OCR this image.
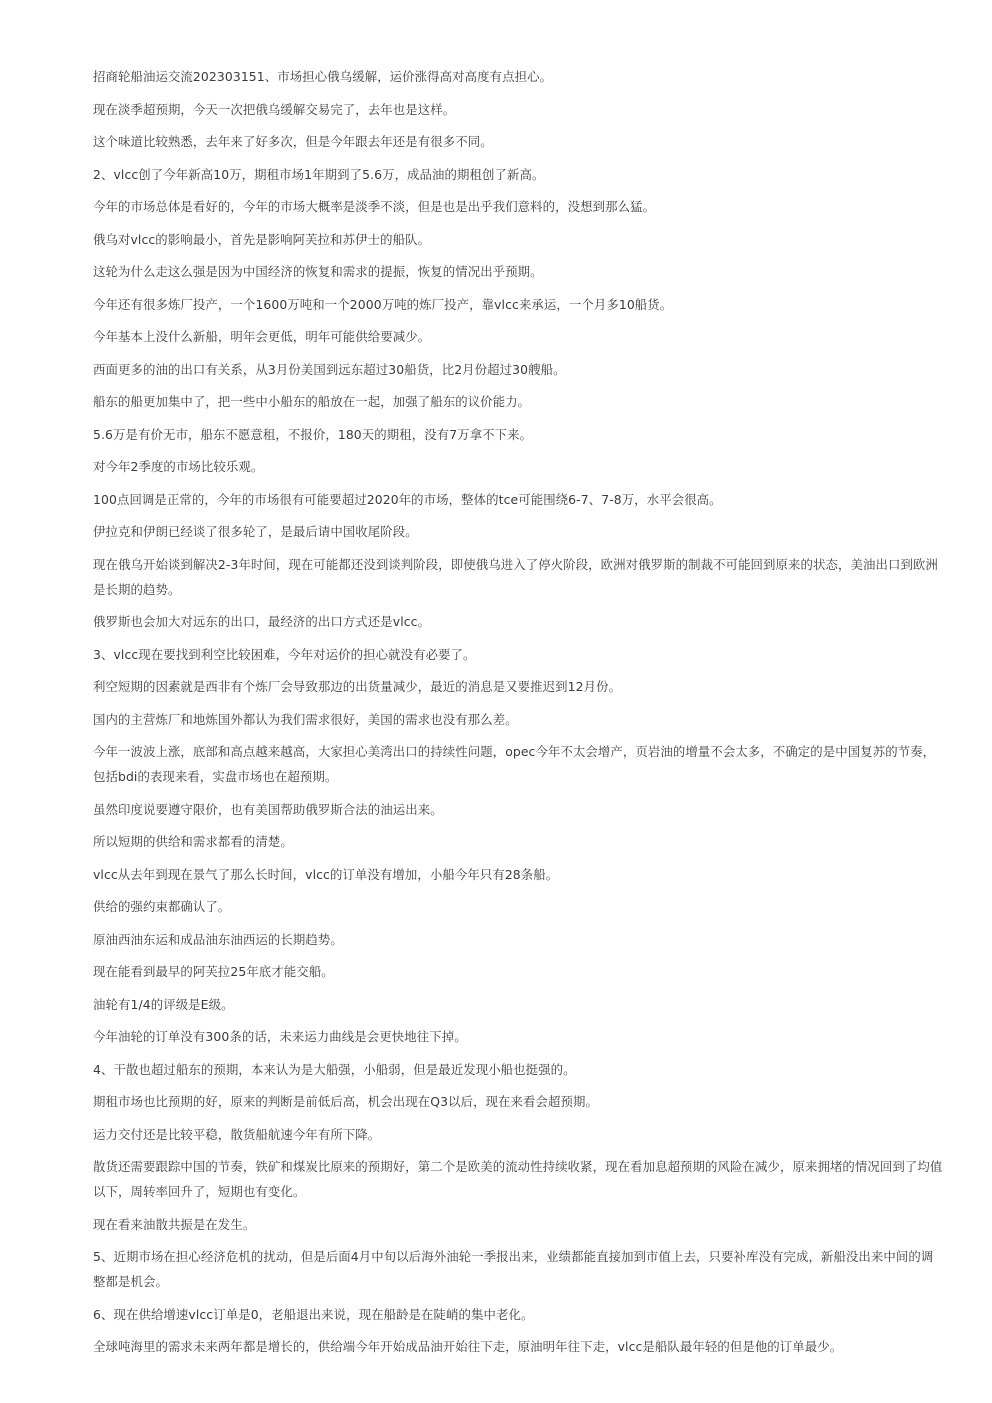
招商轮船油运交流202303151、市场担心俄乌缓解，运价涨得高对高度有点担心。

现在淡季超预期，今天一次把俄乌缓解交易完了，去年也是这样。

这个味道比较熟悉，去年来了好多次，但是今年跟去年还是有很多不同。

2、vlcc创了今年新高10万，期租市场1年期到了5.6万，成品油的期租创了新高。

今年的市场总体是看好的，今年的市场大概率是淡季不淡，但是也是出乎我们意料的，没想到那么猛。

俄乌对vlcc的影响最小，首先是影响阿芙拉和苏伊士的船队。

这轮为什么走这么强是因为中国经济的恢复和需求的提振，恢复的情况出乎预期。

今年还有很多炼厂投产，一个1600万吨和一个2000万吨的炼厂投产，靠vlcc来承运，一个月多10船货。

今年基本上没什么新船，明年会更低，明年可能供给要减少。

西面更多的油的出口有关系，从3月份美国到远东超过30船货，比2月份超过30艘船。

船东的船更加集中了，把一些中小船东的船放在一起，加强了船东的议价能力。

5.6万是有价无市，船东不愿意租，不报价，180天的期租，没有7万拿不下来。

对今年2季度的市场比较乐观。

100点回调是正常的，今年的市场很有可能要超过2020年的市场，整体的tce可能围绕6-7、7-8万，水平会很高。

伊拉克和伊朗已经谈了很多轮了，是最后请中国收尾阶段。

现在俄乌开始谈到解决2-3年时间，现在可能都还没到谈判阶段，即使俄乌进入了停火阶段，欧洲对俄罗斯的制裁不可能回到原来的状态，美油出口到欧洲是长期的趋势。

俄罗斯也会加大对远东的出口，最经济的出口方式还是vlcc。

3、vlcc现在要找到利空比较困难，今年对运价的担心就没有必要了。

利空短期的因素就是西非有个炼厂会导致那边的出货量减少，最近的消息是又要推迟到12月份。

国内的主营炼厂和地炼国外都认为我们需求很好，美国的需求也没有那么差。

今年一波波上涨，底部和高点越来越高，大家担心美湾出口的持续性问题，opec今年不太会增产，页岩油的增量不会太多，不确定的是中国复苏的节奏，包括bdi的表现来看，实盘市场也在超预期。

虽然印度说要遵守限价，也有美国帮助俄罗斯合法的油运出来。

所以短期的供给和需求都看的清楚。

vlcc从去年到现在景气了那么长时间，vlcc的订单没有增加，小船今年只有28条船。

供给的强约束都确认了。

原油西油东运和成品油东油西运的长期趋势。

现在能看到最早的阿芙拉25年底才能交船。

油轮有1/4的评级是E级。

今年油轮的订单没有300条的话，未来运力曲线是会更快地往下掉。

4、干散也超过船东的预期，本来认为是大船强，小船弱，但是最近发现小船也挺强的。

期租市场也比预期的好，原来的判断是前低后高，机会出现在Q3以后，现在来看会超预期。

运力交付还是比较平稳，散货船航速今年有所下降。

散货还需要跟踪中国的节奏，铁矿和煤炭比原来的预期好，第二个是欧美的流动性持续收紧，现在看加息超预期的风险在减少，原来拥堵的情况回到了均值以下，周转率回升了，短期也有变化。

现在看来油散共振是在发生。

5、近期市场在担心经济危机的扰动，但是后面4月中旬以后海外油轮一季报出来，业绩都能直接加到市值上去，只要补库没有完成，新船没出来中间的调整都是机会。

6、现在供给增速vlcc订单是0，老船退出来说，现在船龄是在陡峭的集中老化。

全球吨海里的需求未来两年都是增长的，供给端今年开始成品油开始往下走，原油明年往下走，vlcc是船队最年轻的但是他的订单最少。
